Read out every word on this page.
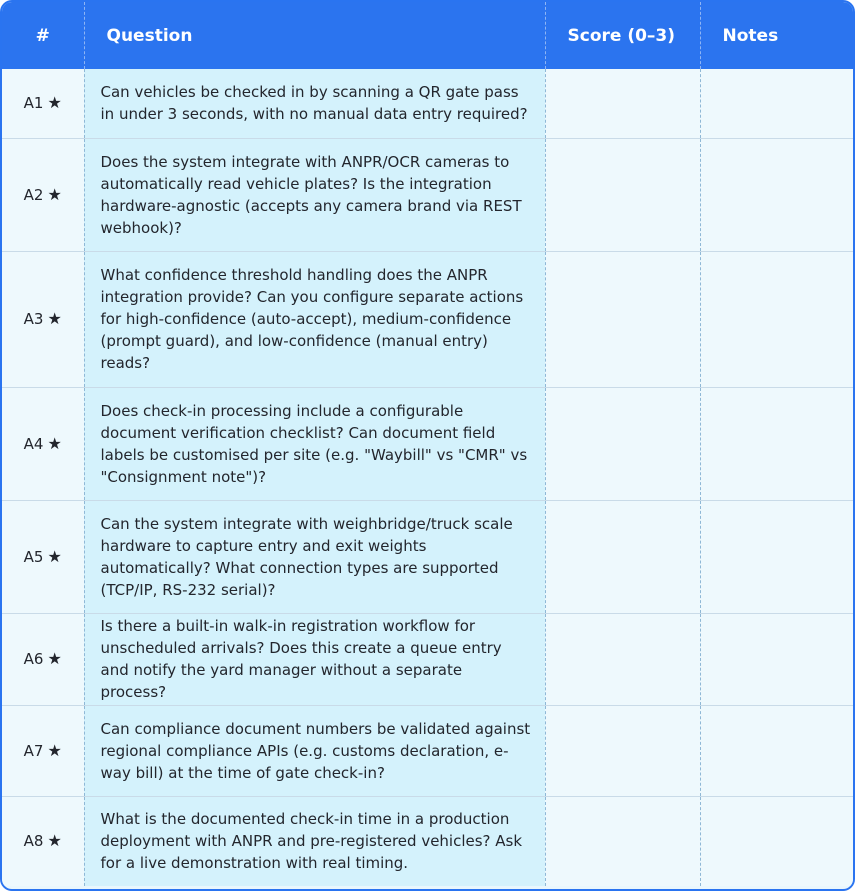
#	Question	Score (0–3)	Notes
A1 ★	Can vehicles be checked in by scanning a QR gate pass in under 3 seconds, with no manual data entry required?		
A2 ★	Does the system integrate with ANPR/OCR cameras to automatically read vehicle plates? Is the integration hardware-agnostic (accepts any camera brand via REST webhook)?		
A3 ★	What confidence threshold handling does the ANPR integration provide? Can you configure separate actions for high-confidence (auto-accept), medium-confidence (prompt guard), and low-confidence (manual entry) reads?		
A4 ★	Does check-in processing include a configurable document verification checklist? Can document field labels be customised per site (e.g. "Waybill" vs "CMR" vs "Consignment note")?		
A5 ★	Can the system integrate with weighbridge/truck scale hardware to capture entry and exit weights automatically? What connection types are supported (TCP/IP, RS-232 serial)?		
A6 ★	Is there a built-in walk-in registration workflow for unscheduled arrivals? Does this create a queue entry and notify the yard manager without a separate process?		
A7 ★	Can compliance document numbers be validated against regional compliance APIs (e.g. customs declaration, e-way bill) at the time of gate check-in?		
A8 ★	What is the documented check-in time in a production deployment with ANPR and pre-registered vehicles? Ask for a live demonstration with real timing.		
